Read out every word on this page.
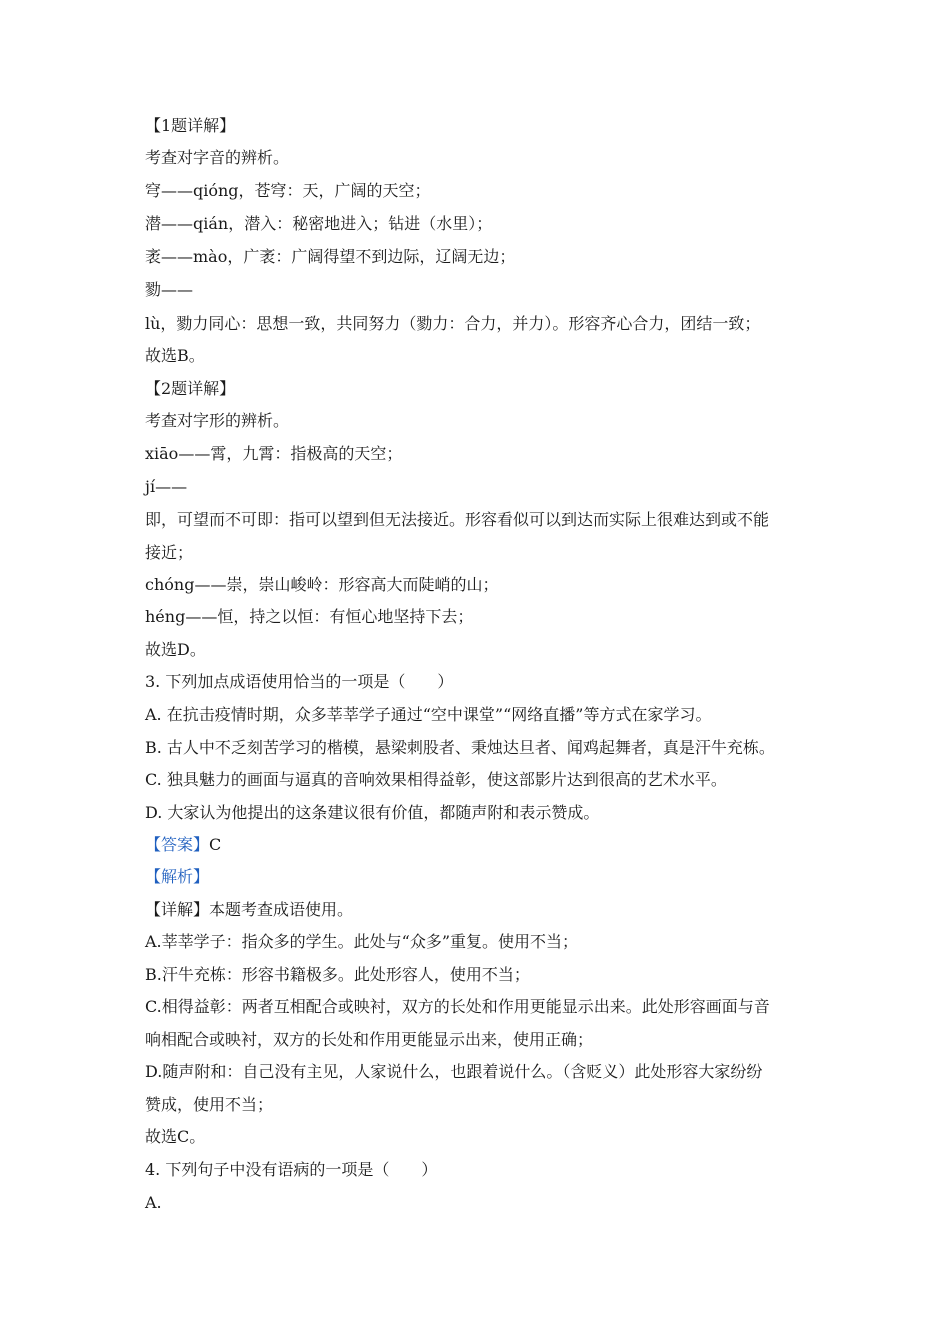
【1题详解】
考查对字音的辨析。
穹——qióng，苍穹：天，广阔的天空；
潜——qián，潜入：秘密地进入；钻进（水里）；
袤——mào，广袤：广阔得望不到边际，辽阔无边；
勠——
lù，勠力同心：思想一致，共同努力（勠力：合力，并力）。形容齐心合力，团结一致；
故选B。
【2题详解】
考查对字形的辨析。
xiāo——霄，九霄：指极高的天空；
jí——
即，可望而不可即：指可以望到但无法接近。形容看似可以到达而实际上很难达到或不能
接近；
chóng——崇，崇山峻岭：形容高大而陡峭的山；
héng——恒，持之以恒：有恒心地坚持下去；
故选D。
3. 下列加点成语使用恰当的一项是（　　）
A. 在抗击疫情时期，众多莘莘学子通过“空中课堂”“网络直播”等方式在家学习。
B. 古人中不乏刻苦学习的楷模，悬梁刺股者、秉烛达旦者、闻鸡起舞者，真是汗牛充栋。
C. 独具魅力的画面与逼真的音响效果相得益彰，使这部影片达到很高的艺术水平。
D. 大家认为他提出的这条建议很有价值，都随声附和表示赞成。
【答案】C
【解析】
【详解】本题考查成语使用。
A.莘莘学子：指众多的学生。此处与“众多”重复。使用不当；
B.汗牛充栋：形容书籍极多。此处形容人，使用不当；
C.相得益彰：两者互相配合或映衬，双方的长处和作用更能显示出来。此处形容画面与音
响相配合或映衬，双方的长处和作用更能显示出来，使用正确；
D.随声附和：自己没有主见，人家说什么，也跟着说什么。（含贬义）此处形容大家纷纷
赞成，使用不当；
故选C。
4. 下列句子中没有语病的一项是（　　）
A.
